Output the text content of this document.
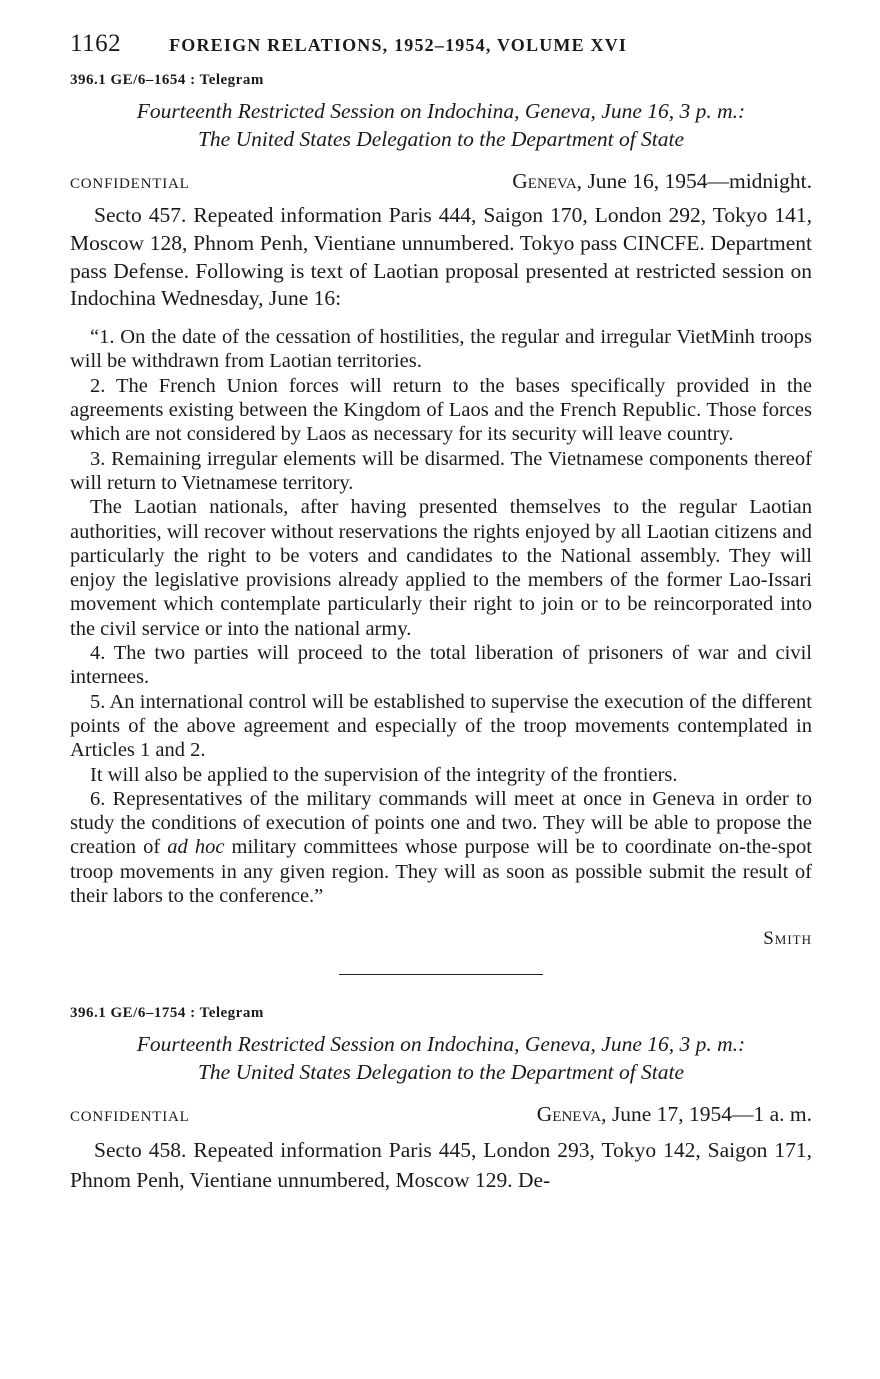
1162	FOREIGN RELATIONS, 1952–1954, VOLUME XVI
396.1 GE/6–1654 : Telegram
Fourteenth Restricted Session on Indochina, Geneva, June 16, 3 p. m.:
The United States Delegation to the Department of State
CONFIDENTIAL	Geneva, June 16, 1954—midnight.

Secto 457. Repeated information Paris 444, Saigon 170, London 292, Tokyo 141, Moscow 128, Phnom Penh, Vientiane unnumbered. Tokyo pass CINCFE. Department pass Defense. Following is text of Laotian proposal presented at restricted session on Indochina Wednesday, June 16:

“1. On the date of the cessation of hostilities, the regular and irregular VietMinh troops will be withdrawn from Laotian territories.

2. The French Union forces will return to the bases specifically provided in the agreements existing between the Kingdom of Laos and the French Republic. Those forces which are not considered by Laos as necessary for its security will leave country.

3. Remaining irregular elements will be disarmed. The Vietnamese components thereof will return to Vietnamese territory.

The Laotian nationals, after having presented themselves to the regular Laotian authorities, will recover without reservations the rights enjoyed by all Laotian citizens and particularly the right to be voters and candidates to the National assembly. They will enjoy the legislative provisions already applied to the members of the former Lao-Issari movement which contemplate particularly their right to join or to be reincorporated into the civil service or into the national army.

4. The two parties will proceed to the total liberation of prisoners of war and civil internees.

5. An international control will be established to supervise the execution of the different points of the above agreement and especially of the troop movements contemplated in Articles 1 and 2.

It will also be applied to the supervision of the integrity of the frontiers.

6. Representatives of the military commands will meet at once in Geneva in order to study the conditions of execution of points one and two. They will be able to propose the creation of ad hoc military committees whose purpose will be to coordinate on-the-spot troop movements in any given region. They will as soon as possible submit the result of their labors to the conference.”

Smith
396.1 GE/6–1754 : Telegram
Fourteenth Restricted Session on Indochina, Geneva, June 16, 3 p. m.:
The United States Delegation to the Department of State
CONFIDENTIAL	Geneva, June 17, 1954—1 a. m.

Secto 458. Repeated information Paris 445, London 293, Tokyo 142, Saigon 171, Phnom Penh, Vientiane unnumbered, Moscow 129. De-
